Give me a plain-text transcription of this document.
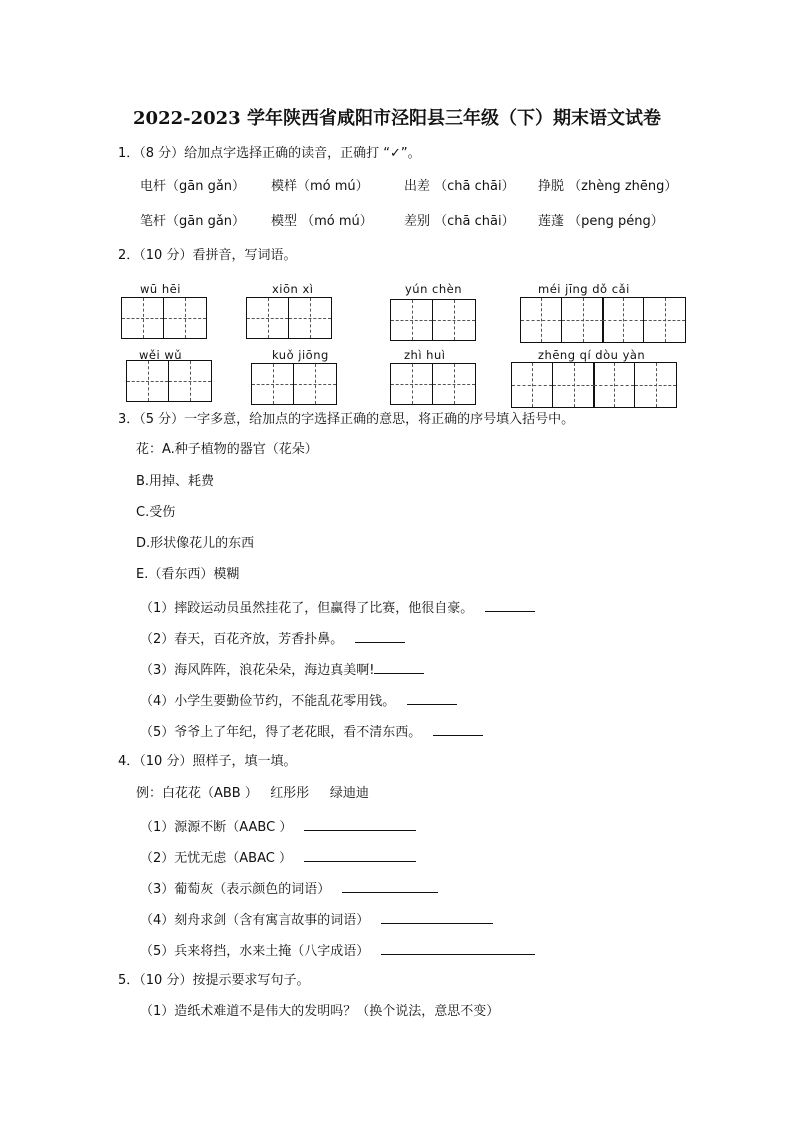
2022-2023 学年陕西省咸阳市泾阳县三年级（下）期末语文试卷
1．（8 分）给加点字选择正确的读音，正确打 “✓”。
电杆（gān gǎn） 模样（mó mú）	出差 （chā chāi） 挣脱 （zhèng zhēng）
笔杆（gān gǎn） 模型 （mó mú） 差别 （chā chāi） 莲蓬 （peng péng）
2．（10 分）看拼音，写词语。
wū hēi	xiōn xì	yún chèn	méi jīng dǒ cǎi
wěi wǔ	kuǒ jiōng	zhì huì	zhēng qí dòu yàn
3．（5 分）一字多意，给加点的字选择正确的意思，将正确的序号填入括号中。
花：A.种子植物的器官（花朵）
B.用掉、耗费
C.受伤
D.形状像花儿的东西
E.（看东西）模糊
（1）摔跤运动员虽然挂花了，但赢得了比赛，他很自豪。
（2）春天，百花齐放，芳香扑鼻。
（3）海风阵阵，浪花朵朵，海边真美啊!
（4）小学生要勤俭节约，不能乱花零用钱。
（5）爷爷上了年纪，得了老花眼，看不清东西。
4．（10 分）照样子，填一填。
例：白花花（ABB ）   红彤彤     绿迪迪
（1）源源不断（AABC ）
（2）无忧无虑（ABAC ）
（3）葡萄灰（表示颜色的词语）
（4）刻舟求剑（含有寓言故事的词语）
（5）兵来将挡，水来土掩（八字成语）
5．（10 分）按提示要求写句子。
（1）造纸术难道不是伟大的发明吗？（换个说法，意思不变）
